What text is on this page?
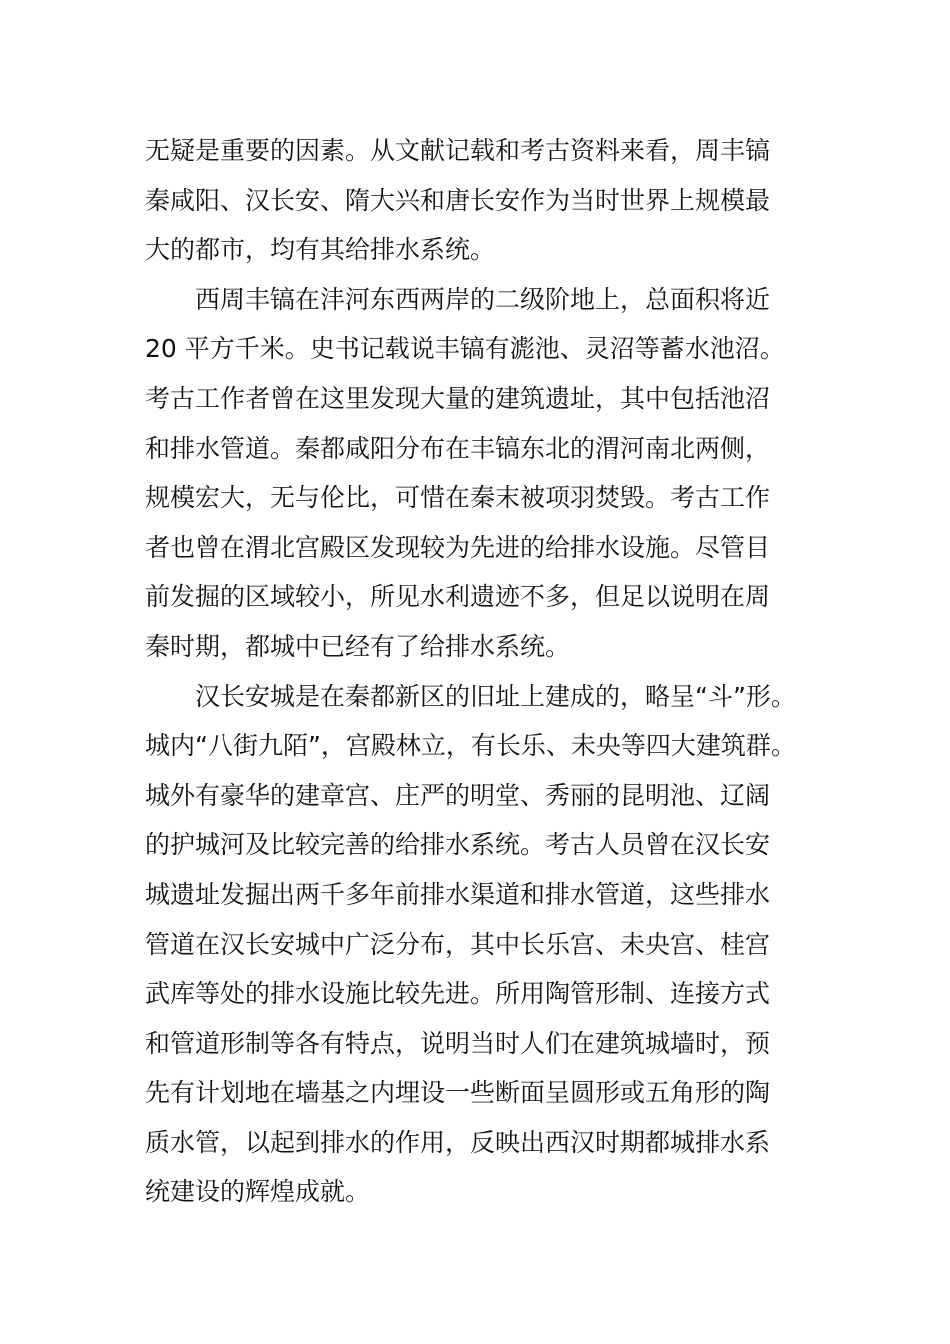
无疑是重要的因素。从文献记载和考古资料来看，周丰镐
秦咸阳、汉长安、隋大兴和唐长安作为当时世界上规模最
大的都市，均有其给排水系统。
　　西周丰镐在沣河东西两岸的二级阶地上，总面积将近
20 平方千米。史书记载说丰镐有滮池、灵沼等蓄水池沼。
考古工作者曾在这里发现大量的建筑遗址，其中包括池沼
和排水管道。秦都咸阳分布在丰镐东北的渭河南北两侧，
规模宏大，无与伦比，可惜在秦末被项羽焚毁。考古工作
者也曾在渭北宫殿区发现较为先进的给排水设施。尽管目
前发掘的区域较小，所见水利遗迹不多，但足以说明在周
秦时期，都城中已经有了给排水系统。
　　汉长安城是在秦都新区的旧址上建成的，略呈“斗”形。
城内“八街九陌”，宫殿林立，有长乐、未央等四大建筑群。
城外有豪华的建章宫、庄严的明堂、秀丽的昆明池、辽阔
的护城河及比较完善的给排水系统。考古人员曾在汉长安
城遗址发掘出两千多年前排水渠道和排水管道，这些排水
管道在汉长安城中广泛分布，其中长乐宫、未央宫、桂宫
武库等处的排水设施比较先进。所用陶管形制、连接方式
和管道形制等各有特点，说明当时人们在建筑城墙时，预
先有计划地在墙基之内埋设一些断面呈圆形或五角形的陶
质水管，以起到排水的作用，反映出西汉时期都城排水系
统建设的辉煌成就。
